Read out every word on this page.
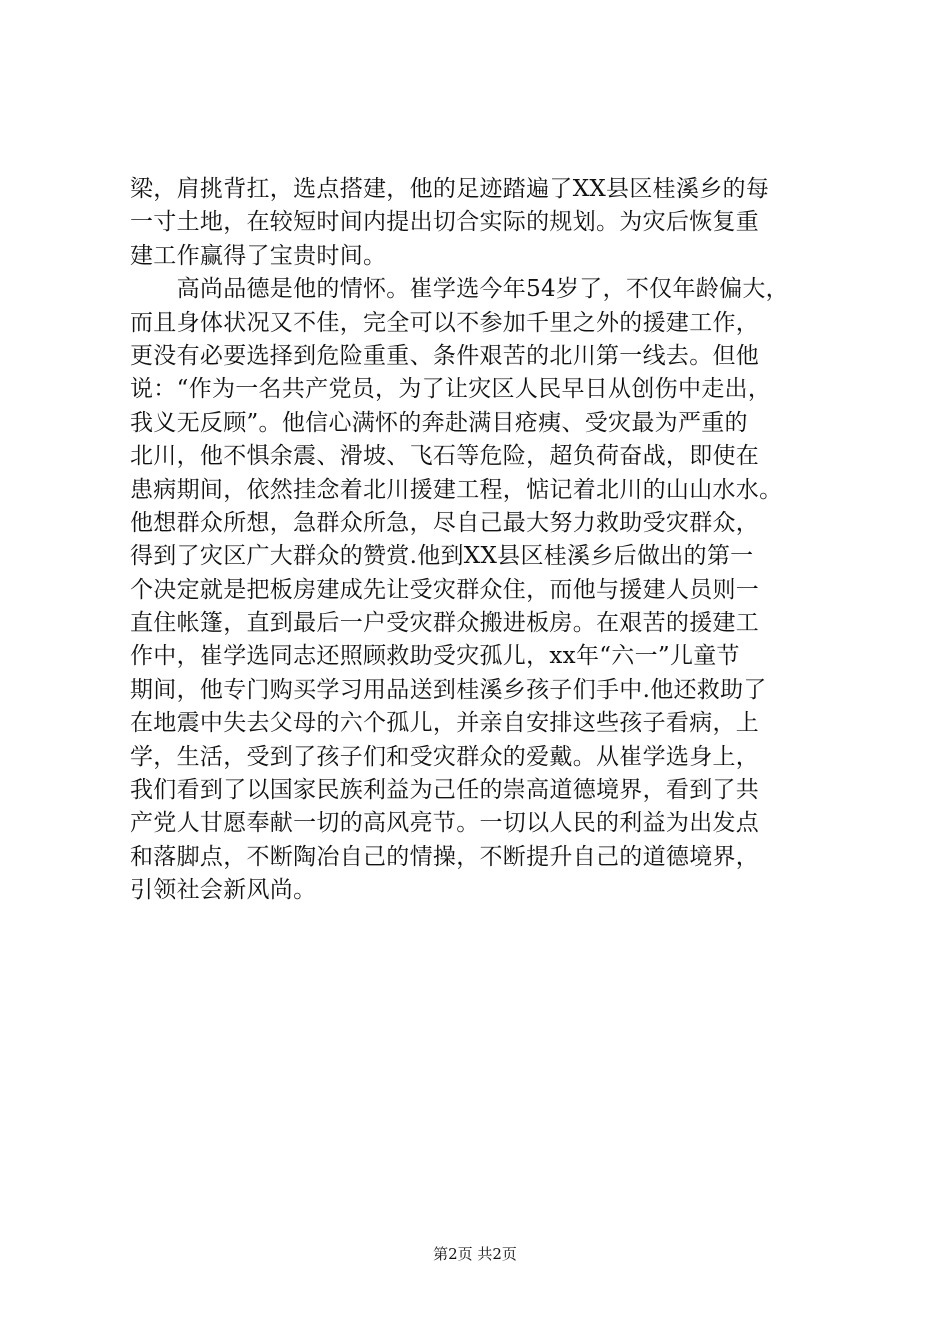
梁，肩挑背扛，选点搭建，他的足迹踏遍了XX县区桂溪乡的每
一寸土地，在较短时间内提出切合实际的规划。为灾后恢复重
建工作赢得了宝贵时间。
　　高尚品德是他的情怀。崔学选今年54岁了，不仅年龄偏大，
而且身体状况又不佳，完全可以不参加千里之外的援建工作，
更没有必要选择到危险重重、条件艰苦的北川第一线去。但他
说：“作为一名共产党员，为了让灾区人民早日从创伤中走出，
我义无反顾”。他信心满怀的奔赴满目疮痍、受灾最为严重的
北川，他不惧余震、滑坡、飞石等危险，超负荷奋战，即使在
患病期间，依然挂念着北川援建工程，惦记着北川的山山水水。
他想群众所想，急群众所急，尽自己最大努力救助受灾群众，
得到了灾区广大群众的赞赏.他到XX县区桂溪乡后做出的第一
个决定就是把板房建成先让受灾群众住，而他与援建人员则一
直住帐篷，直到最后一户受灾群众搬进板房。在艰苦的援建工
作中，崔学选同志还照顾救助受灾孤儿，xx年“六一”儿童节
期间，他专门购买学习用品送到桂溪乡孩子们手中.他还救助了
在地震中失去父母的六个孤儿，并亲自安排这些孩子看病，上
学，生活，受到了孩子们和受灾群众的爱戴。从崔学选身上，
我们看到了以国家民族利益为己任的崇高道德境界，看到了共
产党人甘愿奉献一切的高风亮节。一切以人民的利益为出发点
和落脚点，不断陶冶自己的情操，不断提升自己的道德境界，
引领社会新风尚。
第2页 共2页
